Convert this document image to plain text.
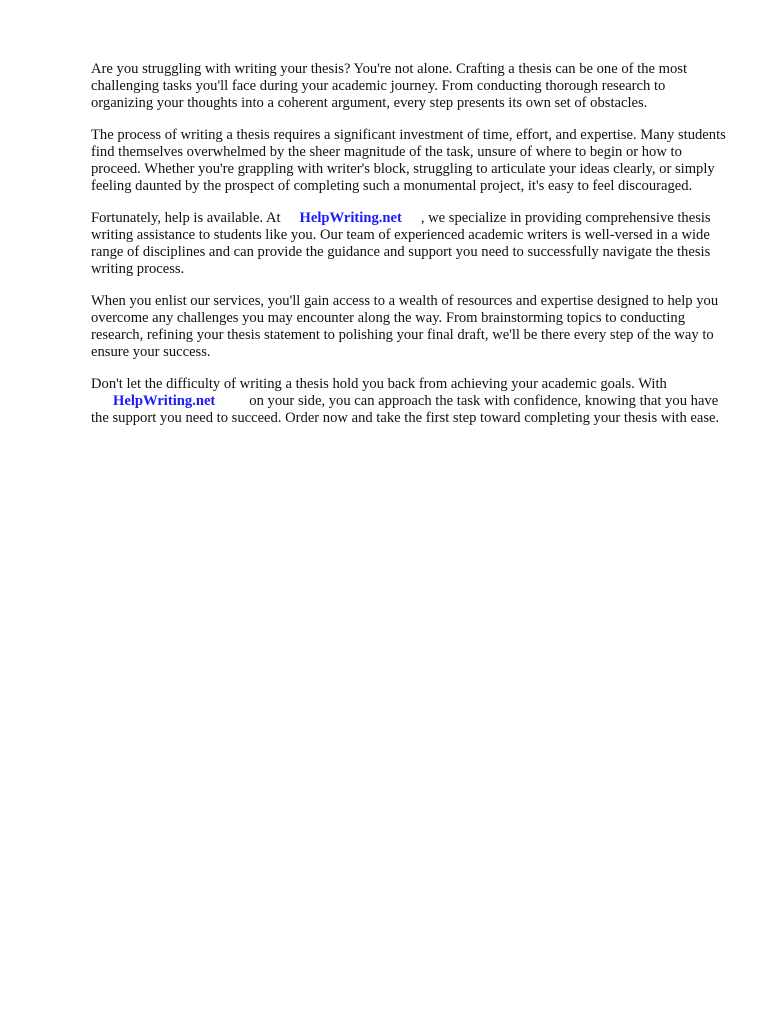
Are you struggling with writing your thesis? You're not alone. Crafting a thesis can be one of the most challenging tasks you'll face during your academic journey. From conducting thorough research to organizing your thoughts into a coherent argument, every step presents its own set of obstacles.

The process of writing a thesis requires a significant investment of time, effort, and expertise. Many students find themselves overwhelmed by the sheer magnitude of the task, unsure of where to begin or how to proceed. Whether you're grappling with writer's block, struggling to articulate your ideas clearly, or simply feeling daunted by the prospect of completing such a monumental project, it's easy to feel discouraged.

Fortunately, help is available. At HelpWriting.net , we specialize in providing comprehensive thesis writing assistance to students like you. Our team of experienced academic writers is well-versed in a wide range of disciplines and can provide the guidance and support you need to successfully navigate the thesis writing process.

When you enlist our services, you'll gain access to a wealth of resources and expertise designed to help you overcome any challenges you may encounter along the way. From brainstorming topics to conducting research, refining your thesis statement to polishing your final draft, we'll be there every step of the way to ensure your success.

Don't let the difficulty of writing a thesis hold you back from achieving your academic goals. With
HelpWriting.net on your side, you can approach the task with confidence, knowing that you have the support you need to succeed. Order now and take the first step toward completing your thesis with ease.
